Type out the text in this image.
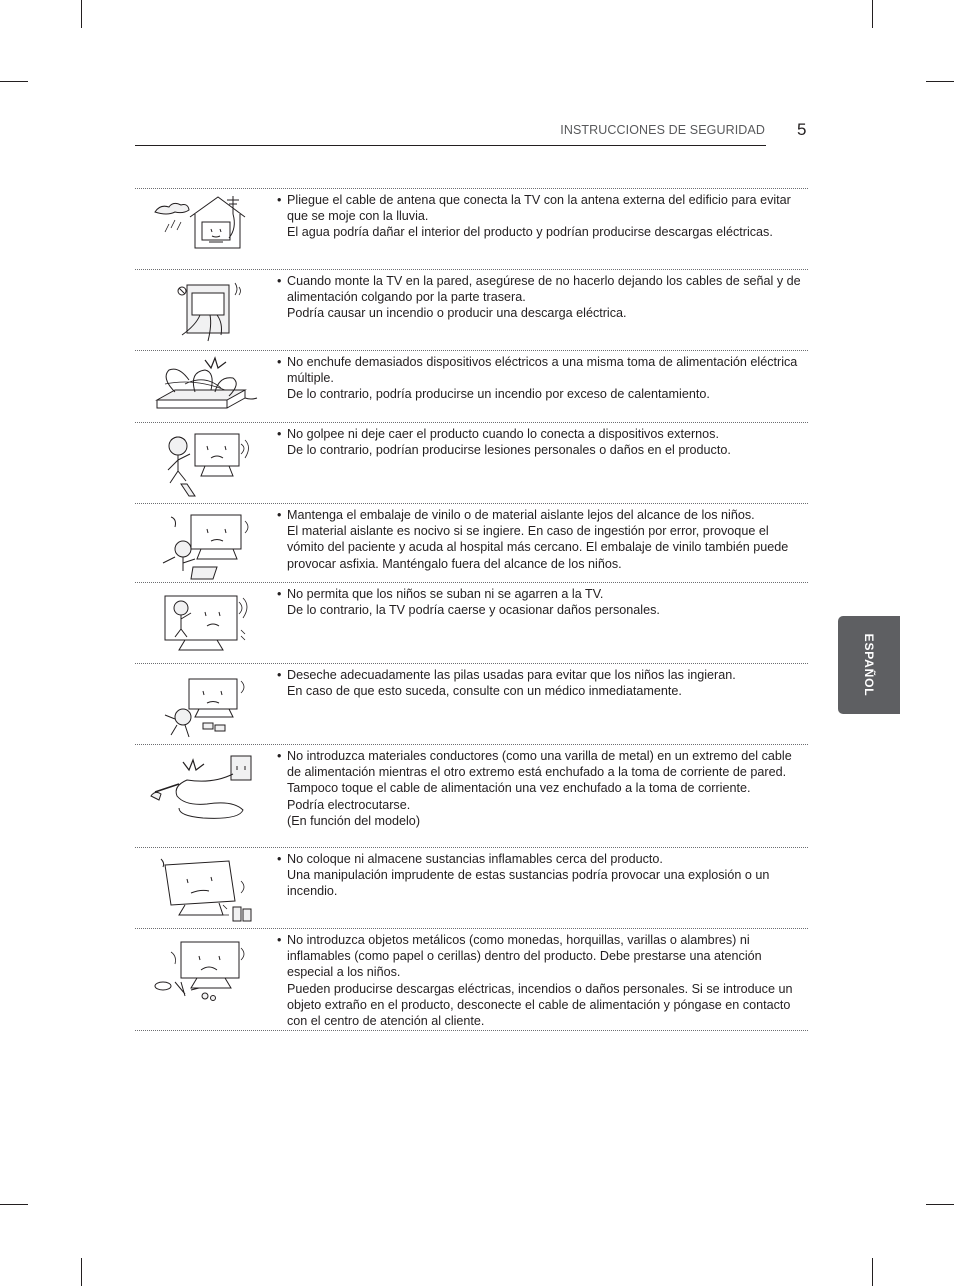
INSTRUCCIONES DE SEGURIDAD 5
ESPAÑOL
• Pliegue el cable de antena que conecta la TV con la antena externa del edificio para evitar que se moje con la lluvia.
El agua podría dañar el interior del producto y podrían producirse descargas eléctricas.
• Cuando monte la TV en la pared, asegúrese de no hacerlo dejando los cables de señal y de alimentación colgando por la parte trasera.
Podría causar un incendio o producir una descarga eléctrica.
• No enchufe demasiados dispositivos eléctricos a una misma toma de alimentación eléctrica múltiple.
De lo contrario, podría producirse un incendio por exceso de calentamiento.
• No golpee ni deje caer el producto cuando lo conecta a dispositivos externos.
De lo contrario, podrían producirse lesiones personales o daños en el producto.
• Mantenga el embalaje de vinilo o de material aislante lejos del alcance de los niños.
El material aislante es nocivo si se ingiere. En caso de ingestión por error, provoque el vómito del paciente y acuda al hospital más cercano. El embalaje de vinilo también puede provocar asfixia. Manténgalo fuera del alcance de los niños.
• No permita que los niños se suban ni se agarren a la TV.
De lo contrario, la TV podría caerse y ocasionar daños personales.
• Deseche adecuadamente las pilas usadas para evitar que los niños las ingieran.
En caso de que esto suceda, consulte con un médico inmediatamente.
• No introduzca materiales conductores (como una varilla de metal) en un extremo del cable de alimentación mientras el otro extremo está enchufado a la toma de corriente de pared. Tampoco toque el cable de alimentación una vez enchufado a la toma de corriente.
Podría electrocutarse.
(En función del modelo)
• No coloque ni almacene sustancias inflamables cerca del producto.
Una manipulación imprudente de estas sustancias podría provocar una explosión o un incendio.
• No introduzca objetos metálicos (como monedas, horquillas, varillas o alambres) ni inflamables (como papel o cerillas) dentro del producto. Debe prestarse una atención especial a los niños.
Pueden producirse descargas eléctricas, incendios o daños personales. Si se introduce un objeto extraño en el producto, desconecte el cable de alimentación y póngase en contacto con el centro de atención al cliente.
